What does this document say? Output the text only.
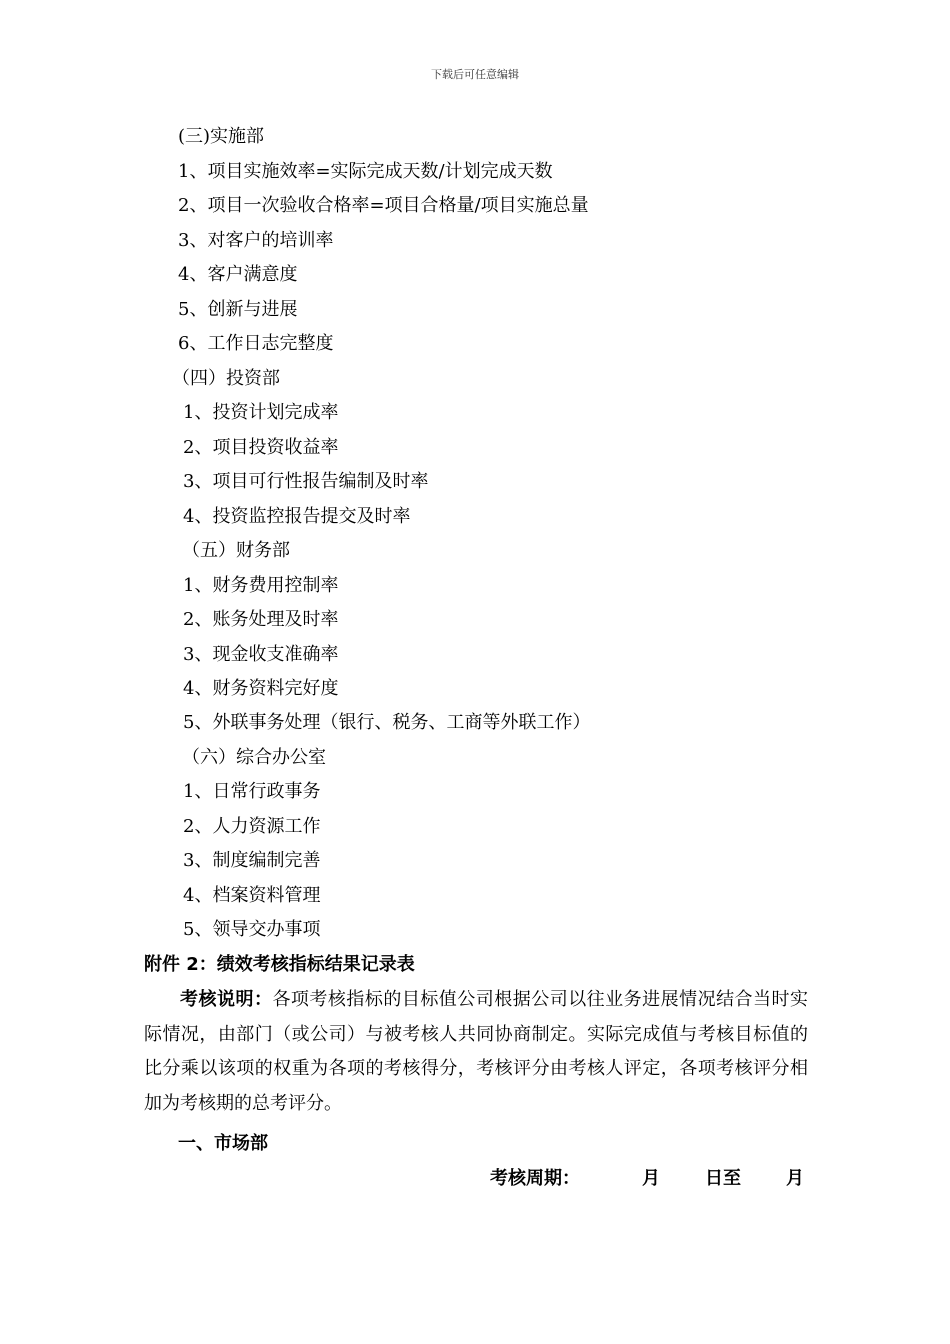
下载后可任意编辑
(三)实施部
1、项目实施效率=实际完成天数/计划完成天数
2、项目一次验收合格率=项目合格量/项目实施总量
3、对客户的培训率
4、客户满意度
5、创新与进展
6、工作日志完整度
（四）投资部
1、投资计划完成率
2、项目投资收益率
3、项目可行性报告编制及时率
4、投资监控报告提交及时率
（五）财务部
1、财务费用控制率
2、账务处理及时率
3、现金收支准确率
4、财务资料完好度
5、外联事务处理（银行、税务、工商等外联工作）
（六）综合办公室
1、日常行政事务
2、人力资源工作
3、制度编制完善
4、档案资料管理
5、领导交办事项
附件 2：绩效考核指标结果记录表
考核说明：各项考核指标的目标值公司根据公司以往业务进展情况结合当时实际情况，由部门（或公司）与被考核人共同协商制定。实际完成值与考核目标值的比分乘以该项的权重为各项的考核得分，考核评分由考核人评定，各项考核评分相加为考核期的总考评分。
一、市场部
考核周期：	月	日至	月
